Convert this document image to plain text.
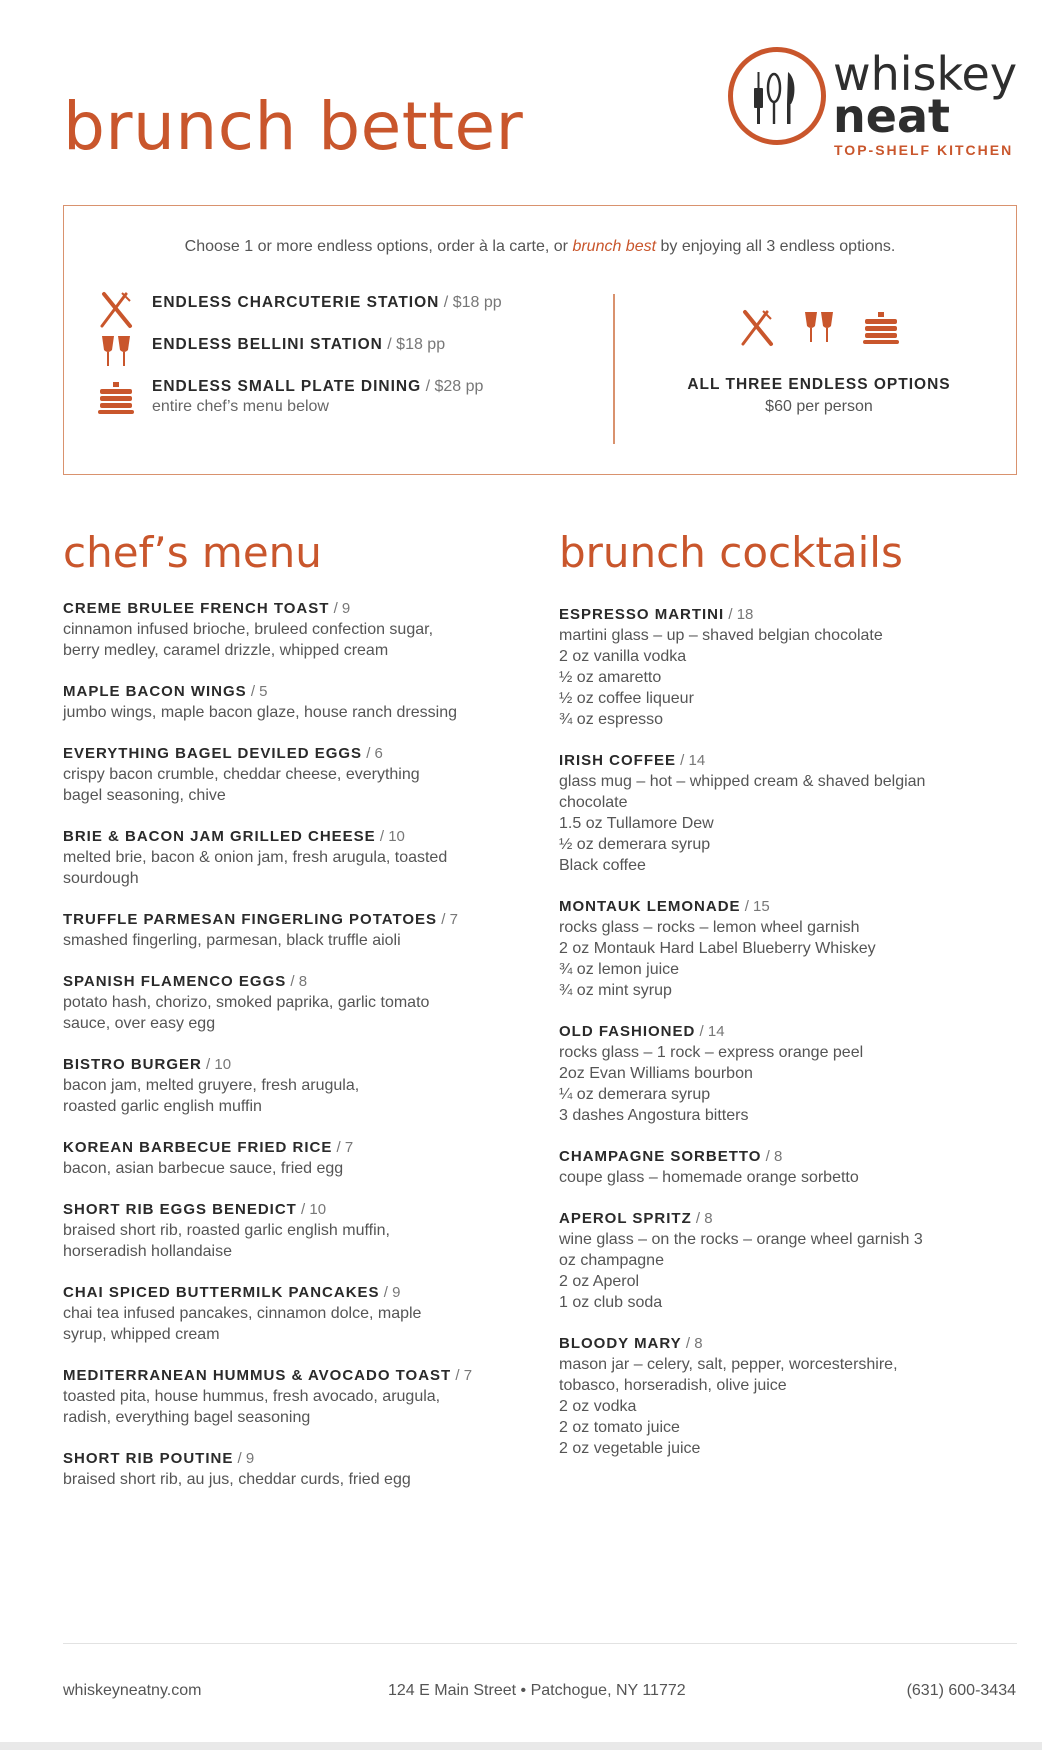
brunch better
whiskey
neat
TOP-SHELF KITCHEN

Choose 1 or more endless options, order à la carte, or brunch best by enjoying all 3 endless options.

ENDLESS CHARCUTERIE STATION / $18 pp
ENDLESS BELLINI STATION / $18 pp
ENDLESS SMALL PLATE DINING / $28 pp
entire chef’s menu below
ALL THREE ENDLESS OPTIONS
$60 per person
chef’s menu
CREME BRULEE FRENCH TOAST / 9
cinnamon infused brioche, bruleed confection sugar,
berry medley, caramel drizzle, whipped cream
MAPLE BACON WINGS / 5
jumbo wings, maple bacon glaze, house ranch dressing
EVERYTHING BAGEL DEVILED EGGS / 6
crispy bacon crumble, cheddar cheese, everything
bagel seasoning, chive
BRIE & BACON JAM GRILLED CHEESE / 10
melted brie, bacon & onion jam, fresh arugula, toasted
sourdough
TRUFFLE PARMESAN FINGERLING POTATOES / 7
smashed fingerling, parmesan, black truffle aioli
SPANISH FLAMENCO EGGS / 8
potato hash, chorizo, smoked paprika, garlic tomato
sauce, over easy egg
BISTRO BURGER / 10
bacon jam, melted gruyere, fresh arugula,
roasted garlic english muffin
KOREAN BARBECUE FRIED RICE / 7
bacon, asian barbecue sauce, fried egg
SHORT RIB EGGS BENEDICT / 10
braised short rib, roasted garlic english muffin,
horseradish hollandaise
CHAI SPICED BUTTERMILK PANCAKES / 9
chai tea infused pancakes, cinnamon dolce, maple
syrup, whipped cream
MEDITERRANEAN HUMMUS & AVOCADO TOAST / 7
toasted pita, house hummus, fresh avocado, arugula,
radish, everything bagel seasoning
SHORT RIB POUTINE / 9
braised short rib, au jus, cheddar curds, fried egg
brunch cocktails
ESPRESSO MARTINI / 18
martini glass – up – shaved belgian chocolate
2 oz vanilla vodka
½ oz amaretto
½ oz coffee liqueur
¾ oz espresso
IRISH COFFEE / 14
glass mug – hot – whipped cream & shaved belgian
chocolate
1.5 oz Tullamore Dew
½ oz demerara syrup
Black coffee
MONTAUK LEMONADE / 15
rocks glass – rocks – lemon wheel garnish
2 oz Montauk Hard Label Blueberry Whiskey
¾ oz lemon juice
¾ oz mint syrup
OLD FASHIONED / 14
rocks glass – 1 rock – express orange peel
2oz Evan Williams bourbon
¼ oz demerara syrup
3 dashes Angostura bitters
CHAMPAGNE SORBETTO / 8
coupe glass – homemade orange sorbetto
APEROL SPRITZ / 8
wine glass – on the rocks – orange wheel garnish 3
oz champagne
2 oz Aperol
1 oz club soda
BLOODY MARY / 8
mason jar – celery, salt, pepper, worcestershire,
tobasco, horseradish, olive juice
2 oz vodka
2 oz tomato juice
2 oz vegetable juice
whiskeyneatny.com	124 E Main Street • Patchogue, NY 11772	(631) 600-3434
